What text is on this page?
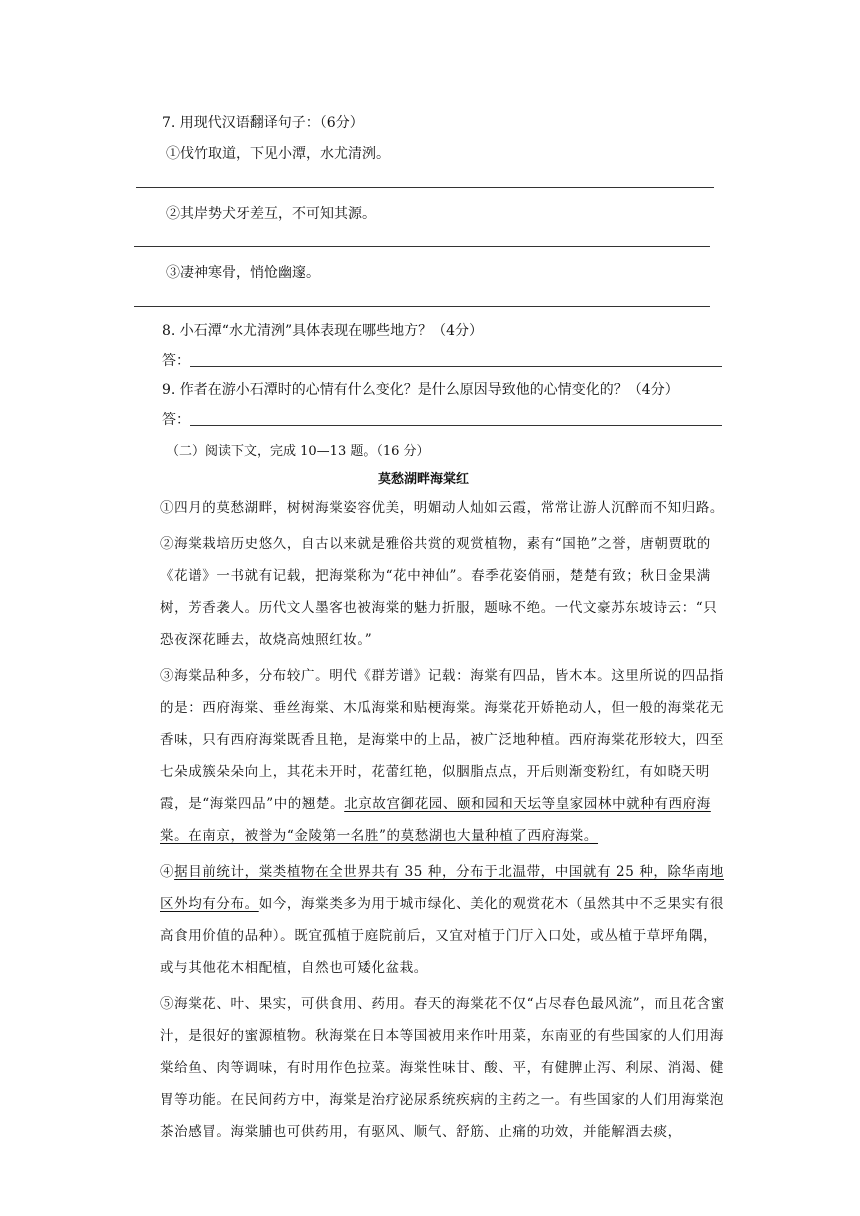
7. 用现代汉语翻译句子：（6分）
①伐竹取道，下见小潭，水尤清洌。
②其岸势犬牙差互，不可知其源。
③凄神寒骨，悄怆幽邃。
8. 小石潭“水尤清洌”具体表现在哪些地方？（4分）
答：
9. 作者在游小石潭时的心情有什么变化？是什么原因导致他的心情变化的？（4分）
答：
（二）阅读下文，完成 10—13 题。（16 分）
莫愁湖畔海棠红

①四月的莫愁湖畔，树树海棠姿容优美，明媚动人灿如云霞，常常让游人沉醉而不知归路。

②海棠栽培历史悠久，自古以来就是雅俗共赏的观赏植物，素有“国艳”之誉，唐朝贾耽的《花谱》一书就有记载，把海棠称为“花中神仙”。春季花姿俏丽，楚楚有致；秋日金果满树，芳香袭人。历代文人墨客也被海棠的魅力折服，题咏不绝。一代文豪苏东坡诗云：“只恐夜深花睡去，故烧高烛照红妆。”

③海棠品种多，分布较广。明代《群芳谱》记载：海棠有四品，皆木本。这里所说的四品指的是：西府海棠、垂丝海棠、木瓜海棠和贴梗海棠。海棠花开娇艳动人，但一般的海棠花无香味，只有西府海棠既香且艳，是海棠中的上品，被广泛地种植。西府海棠花形较大，四至七朵成簇朵朵向上，其花未开时，花蕾红艳，似胭脂点点，开后则渐变粉红，有如晓天明霞，是“海棠四品”中的翘楚。北京故宫御花园、颐和园和天坛等皇家园林中就种有西府海棠。在南京，被誉为“金陵第一名胜”的莫愁湖也大量种植了西府海棠。

④据目前统计，棠类植物在全世界共有 35 种，分布于北温带，中国就有 25 种，除华南地区外均有分布。如今，海棠类多为用于城市绿化、美化的观赏花木（虽然其中不乏果实有很高食用价值的品种）。既宜孤植于庭院前后，又宜对植于门厅入口处，或丛植于草坪角隅，或与其他花木相配植，自然也可矮化盆栽。

⑤海棠花、叶、果实，可供食用、药用。春天的海棠花不仅“占尽春色最风流”，而且花含蜜汁，是很好的蜜源植物。秋海棠在日本等国被用来作叶用菜，东南亚的有些国家的人们用海棠给鱼、肉等调味，有时用作色拉菜。海棠性味甘、酸、平，有健脾止泻、利尿、消渴、健胃等功能。在民间药方中，海棠是治疗泌尿系统疾病的主药之一。有些国家的人们用海棠泡茶治感冒。海棠脯也可供药用，有驱风、顺气、舒筋、止痛的功效，并能解酒去痰，
